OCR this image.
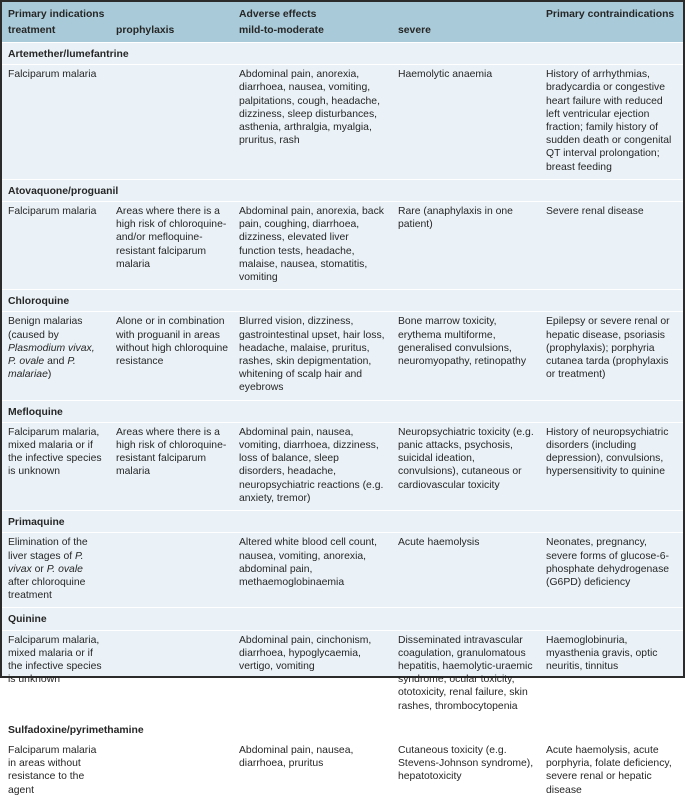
Primary indications		Adverse effects		Primary contraindications
treatment	prophylaxis	mild-to-moderate	severe	
Artemether/lumefantrine				
Falciparum malaria		Abdominal pain, anorexia, diarrhoea, nausea, vomiting, palpitations, cough, headache, dizziness, sleep disturbances, asthenia, arthralgia, myalgia, pruritus, rash	Haemolytic anaemia	History of arrhythmias, bradycardia or congestive heart failure with reduced left ventricular ejection fraction; family history of sudden death or congenital QT interval prolongation; breast feeding
Atovaquone/proguanil				
Falciparum malaria	Areas where there is a high risk of chloroquine- and/or mefloquine-resistant falciparum malaria	Abdominal pain, anorexia, back pain, coughing, diarrhoea, dizziness, elevated liver function tests, headache, malaise, nausea, stomatitis, vomiting	Rare (anaphylaxis in one patient)	Severe renal disease
Chloroquine				
Benign malarias (caused by Plasmodium vivax, P. ovale and P. malariae)	Alone or in combination with proguanil in areas without high chloroquine resistance	Blurred vision, dizziness, gastrointestinal upset, hair loss, headache, malaise, pruritus, rashes, skin depigmentation, whitening of scalp hair and eyebrows	Bone marrow toxicity, erythema multiforme, generalised convulsions, neuromyopathy, retinopathy	Epilepsy or severe renal or hepatic disease, psoriasis (prophylaxis); porphyria cutanea tarda (prophylaxis or treatment)
Mefloquine				
Falciparum malaria, mixed malaria or if the infective species is unknown	Areas where there is a high risk of chloroquine-resistant falciparum malaria	Abdominal pain, nausea, vomiting, diarrhoea, dizziness, loss of balance, sleep disorders, headache, neuropsychiatric reactions (e.g. anxiety, tremor)	Neuropsychiatric toxicity (e.g. panic attacks, psychosis, suicidal ideation, convulsions), cutaneous or cardiovascular toxicity	History of neuropsychiatric disorders (including depression), convulsions, hypersensitivity to quinine
Primaquine				
Elimination of the liver stages of P. vivax or P. ovale after chloroquine treatment		Altered white blood cell count, nausea, vomiting, anorexia, abdominal pain, methaemoglobinaemia	Acute haemolysis	Neonates, pregnancy, severe forms of glucose-6-phosphate dehydrogenase (G6PD) deficiency
Quinine				
Falciparum malaria, mixed malaria or if the infective species is unknown		Abdominal pain, cinchonism, diarrhoea, hypoglycaemia, vertigo, vomiting	Disseminated intravascular coagulation, granulomatous hepatitis, haemolytic-uraemic syndrome, ocular toxicity, ototoxicity, renal failure, skin rashes, thrombocytopenia	Haemoglobinuria, myasthenia gravis, optic neuritis, tinnitus
Sulfadoxine/pyrimethamine				
Falciparum malaria in areas without resistance to the agent		Abdominal pain, nausea, diarrhoea, pruritus	Cutaneous toxicity (e.g. Stevens-Johnson syndrome), hepatotoxicity	Acute haemolysis, acute porphyria, folate deficiency, severe renal or hepatic disease
